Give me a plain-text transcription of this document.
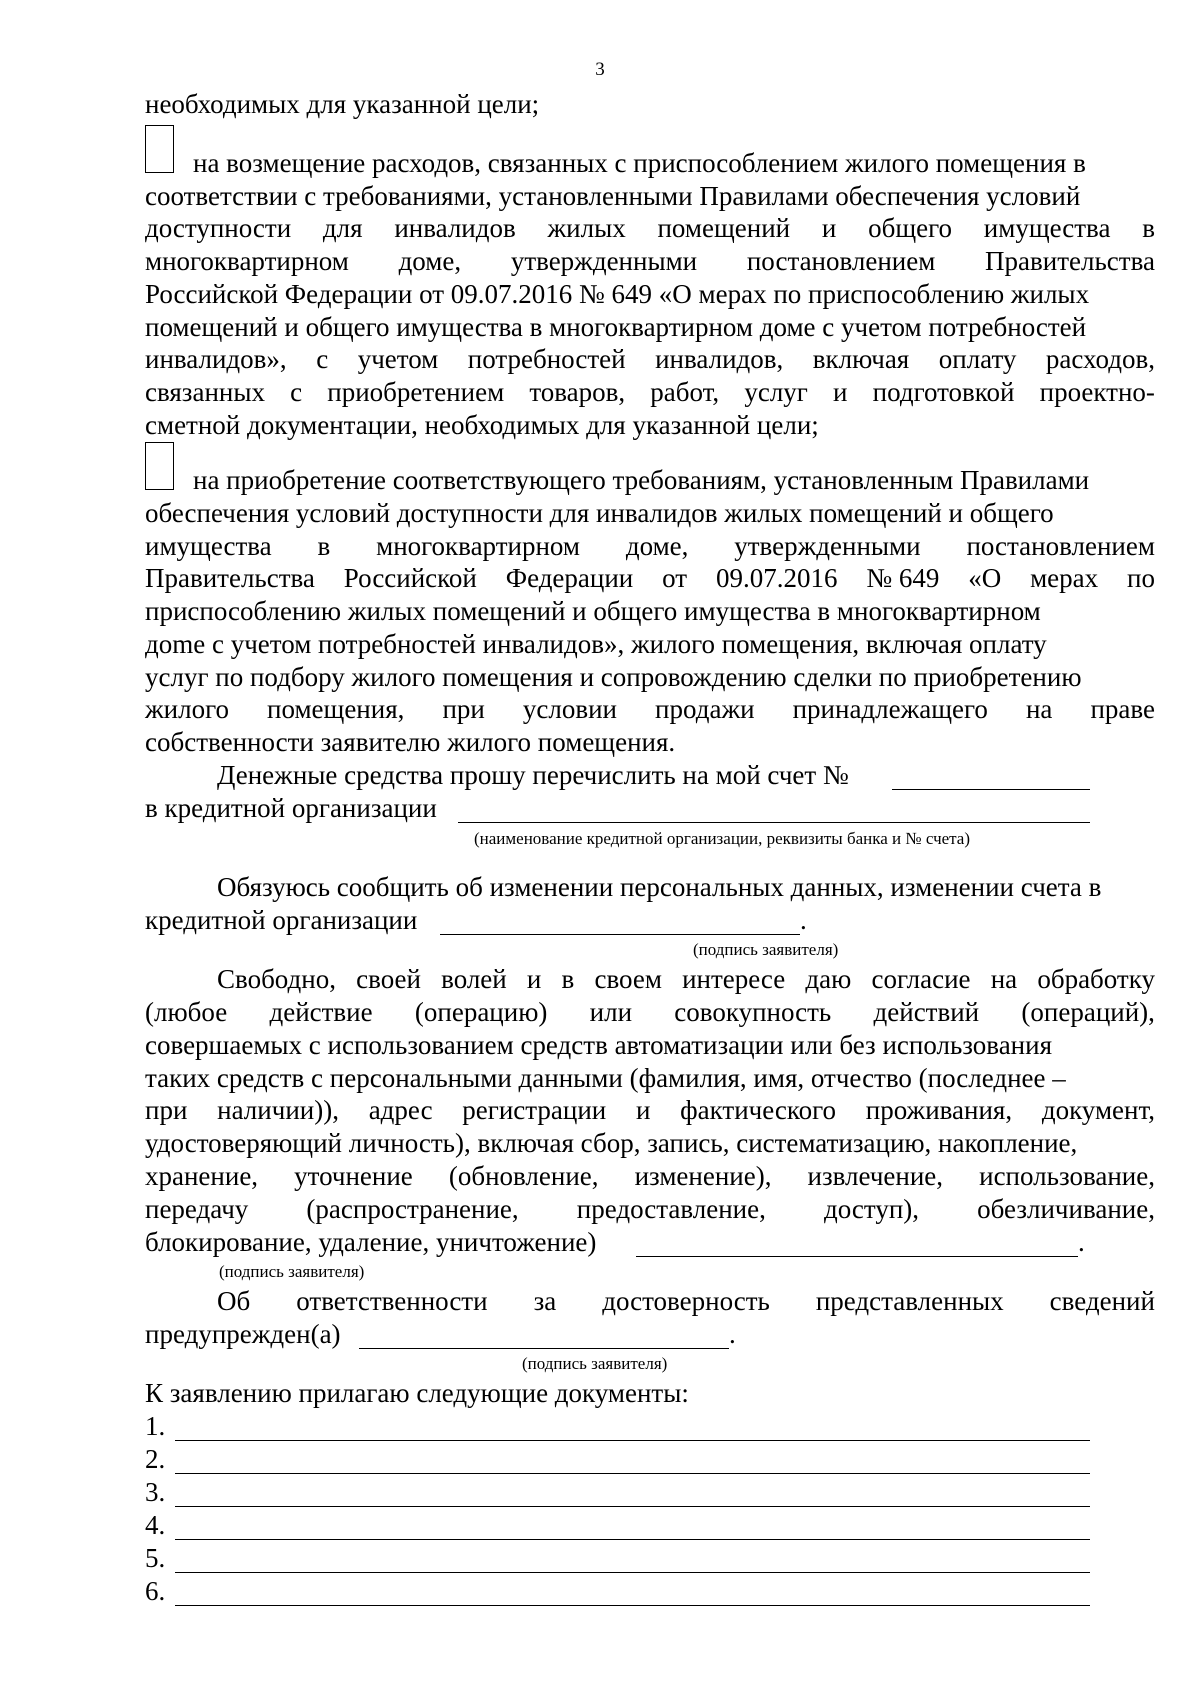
3
необходимых для указанной цели;
на возмещение расходов, связанных с приспособлением жилого помещения в
соответствии с требованиями, установленными Правилами обеспечения условий
доступности для инвалидов жилых помещений и общего имущества в
многоквартирном доме, утвержденными постановлением Правительства
Российской Федерации от 09.07.2016 № 649 «О мерах по приспособлению жилых
помещений и общего имущества в многоквартирном доме с учетом потребностей
инвалидов», с учетом потребностей инвалидов, включая оплату расходов,
связанных с приобретением товаров, работ, услуг и подготовкой проектно-
сметной документации, необходимых для указанной цели;
на приобретение соответствующего требованиям, установленным Правилами
обеспечения условий доступности для инвалидов жилых помещений и общего
имущества в многоквартирном доме, утвержденными постановлением
Правительства Российской Федерации от 09.07.2016 № 649 «О мерах по
приспособлению жилых помещений и общего имущества в многоквартирном
дome с учетом потребностей инвалидов», жилого помещения, включая оплату
услуг по подбору жилого помещения и сопровождению сделки по приобретению
жилого помещения, при условии продажи принадлежащего на праве
собственности заявителю жилого помещения.
Денежные средства прошу перечислить на мой счет №
в кредитной организации
(наименование кредитной организации, реквизиты банка и № счета)
Обязуюсь сообщить об изменении персональных данных, изменении счета в
кредитной организации	.
(подпись заявителя)
Свободно, своей волей и в своем интересе даю согласие на обработку
(любое действие (операцию) или совокупность действий (операций),
совершаемых с использованием средств автоматизации или без использования
таких средств с персональными данными (фамилия, имя, отчество (последнее –
при наличии)), адрес регистрации и фактического проживания, документ,
удостоверяющий личность), включая сбор, запись, систематизацию, накопление,
хранение, уточнение (обновление, изменение), извлечение, использование,
передачу (распространение, предоставление, доступ), обезличивание,
блокирование, удаление, уничтожение)	.
(подпись заявителя)
Об ответственности за достоверность представленных сведений
предупрежден(а)	.
(подпись заявителя)
К заявлению прилагаю следующие документы:
1.
2.
3.
4.
5.
6.
